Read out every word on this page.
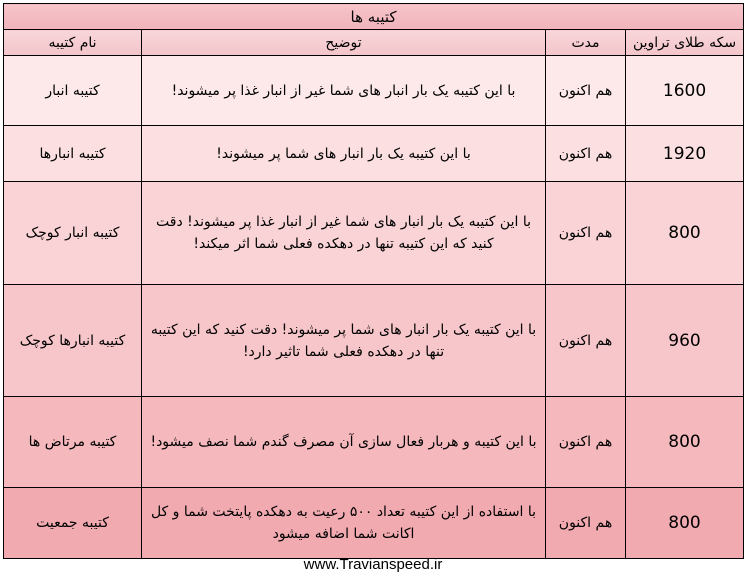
کتیبه ها			
سکه طلای تراوین	مدت	توضیح	نام کتیبه
1600	هم اکنون	با این کتیبه یک بار انبار های شما غیر از انبار غذا پر میشوند!	کتیبه انبار
1920	هم اکنون	با این کتیبه یک بار انبار های شما پر میشوند!	کتیبه انبارها
800	هم اکنون	با این کتیبه یک بار انبار های شما غیر از انبار غذا پر میشوند! دقت کنید که این کتیبه تنها در دهکده فعلی شما اثر میکند!	کتیبه انبار کوچک
960	هم اکنون	با این کتیبه یک بار انبار های شما پر میشوند! دقت کنید که این کتیبه تنها در دهکده فعلی شما تاثیر دارد!	کتیبه انبارها کوچک
800	هم اکنون	با این کتیبه و هربار فعال سازی آن مصرف گندم شما نصف میشود!	کتیبه مرتاض ها
800	هم اکنون	با استفاده از این کتیبه تعداد ۵۰۰ رعیت به دهکده پایتخت شما و کل اکانت شما اضافه میشود	کتیبه جمعیت
www.Travianspeed.ir
